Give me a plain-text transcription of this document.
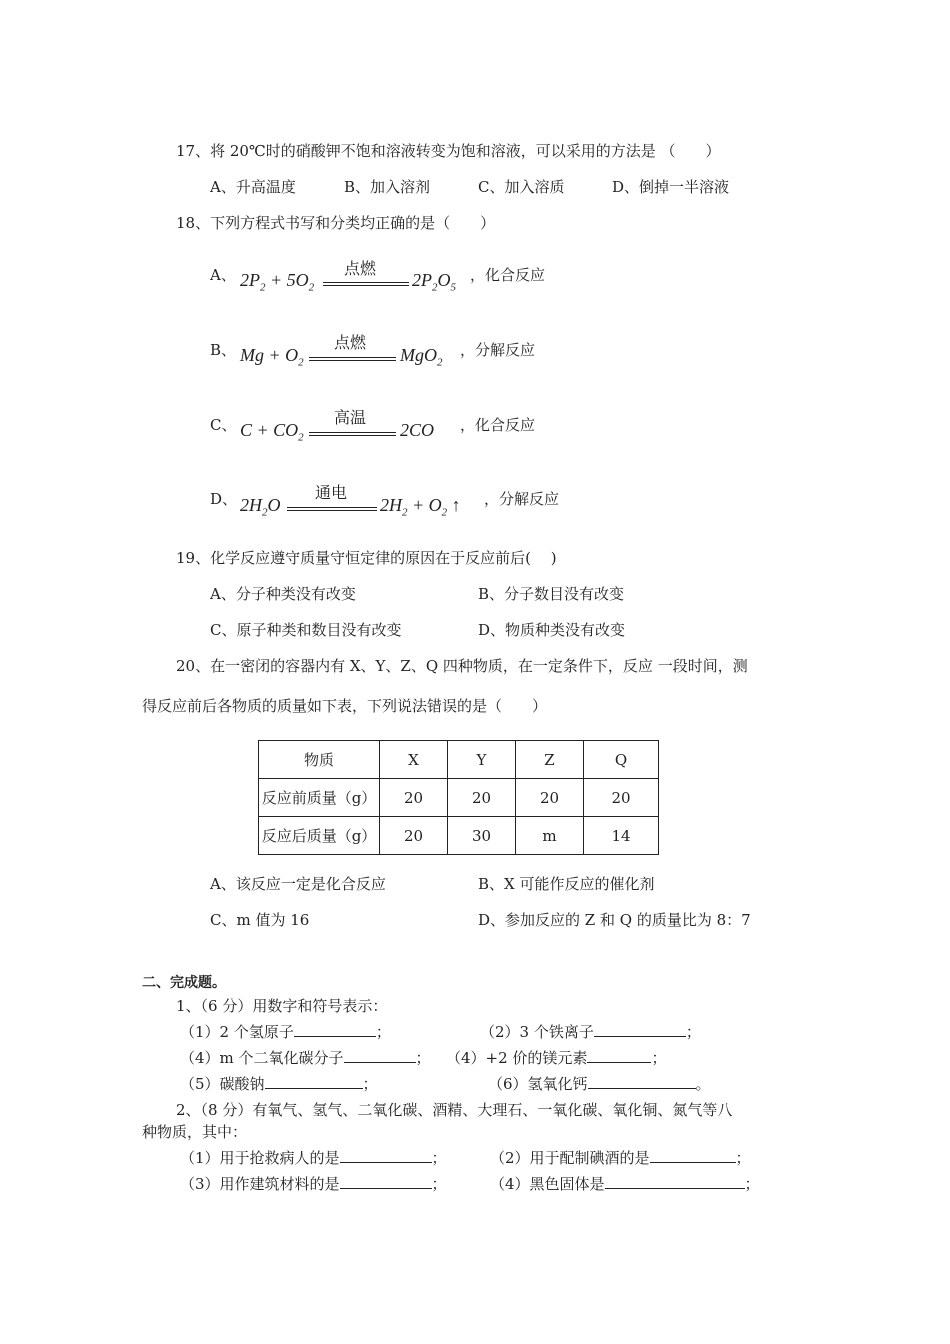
17、将 20℃时的硝酸钾不饱和溶液转变为饱和溶液，可以采用的方法是 （　　）
A、升高温度	B、加入溶剂	C、加入溶质	D、倒掉一半溶液
18、下列方程式书写和分类均正确的是（　　）
A、 $2P_2 + 5O_2$
点燃
$2P_2O_5$
，化合反应
B、 $Mg + O_2$
点燃
MgO$_2$
，分解反应
C、 $C + CO_2$
高温
2CO ，化合反应
D、 $2H_2O$
通电
$2H_2 + O_2$ ↑ ，分解反应
19、化学反应遵守质量守恒定律的原因在于反应前后(　 )
A、分子种类没有改变	B、分子数目没有改变
C、原子种类和数目没有改变	D、物质种类没有改变
20、在一密闭的容器内有 X、Y、Z、Q 四种物质，在一定条件下，反应 一段时间，测
得反应前后各物质的质量如下表，下列说法错误的是（　　）
物质	X	Y	Z	Q
反应前质量（g）	20	20	20	20
反应后质量（g）	20	30	m	14
A、该反应一定是化合反应	B、X 可能作反应的催化剂
C、m 值为 16	D、参加反应的 Z 和 Q 的质量比为 8：7
二、完成题。
1、（6 分）用数字和符号表示：
（1）2 个氢原子	；	（2）3 个铁离子	；
（4）m 个二氧化碳分子	； （4）+2 价的镁元素	；
（5）碳酸钠	；	（6）氢氧化钙	。
2、（8 分）有氧气、氢气、二氧化碳、酒精、大理石、一氧化碳、氧化铜、氮气等八
种物质，其中：
（1）用于抢救病人的是	；	（2）用于配制碘酒的是	；
（3）用作建筑材料的是	；	（4）黑色固体是	；
